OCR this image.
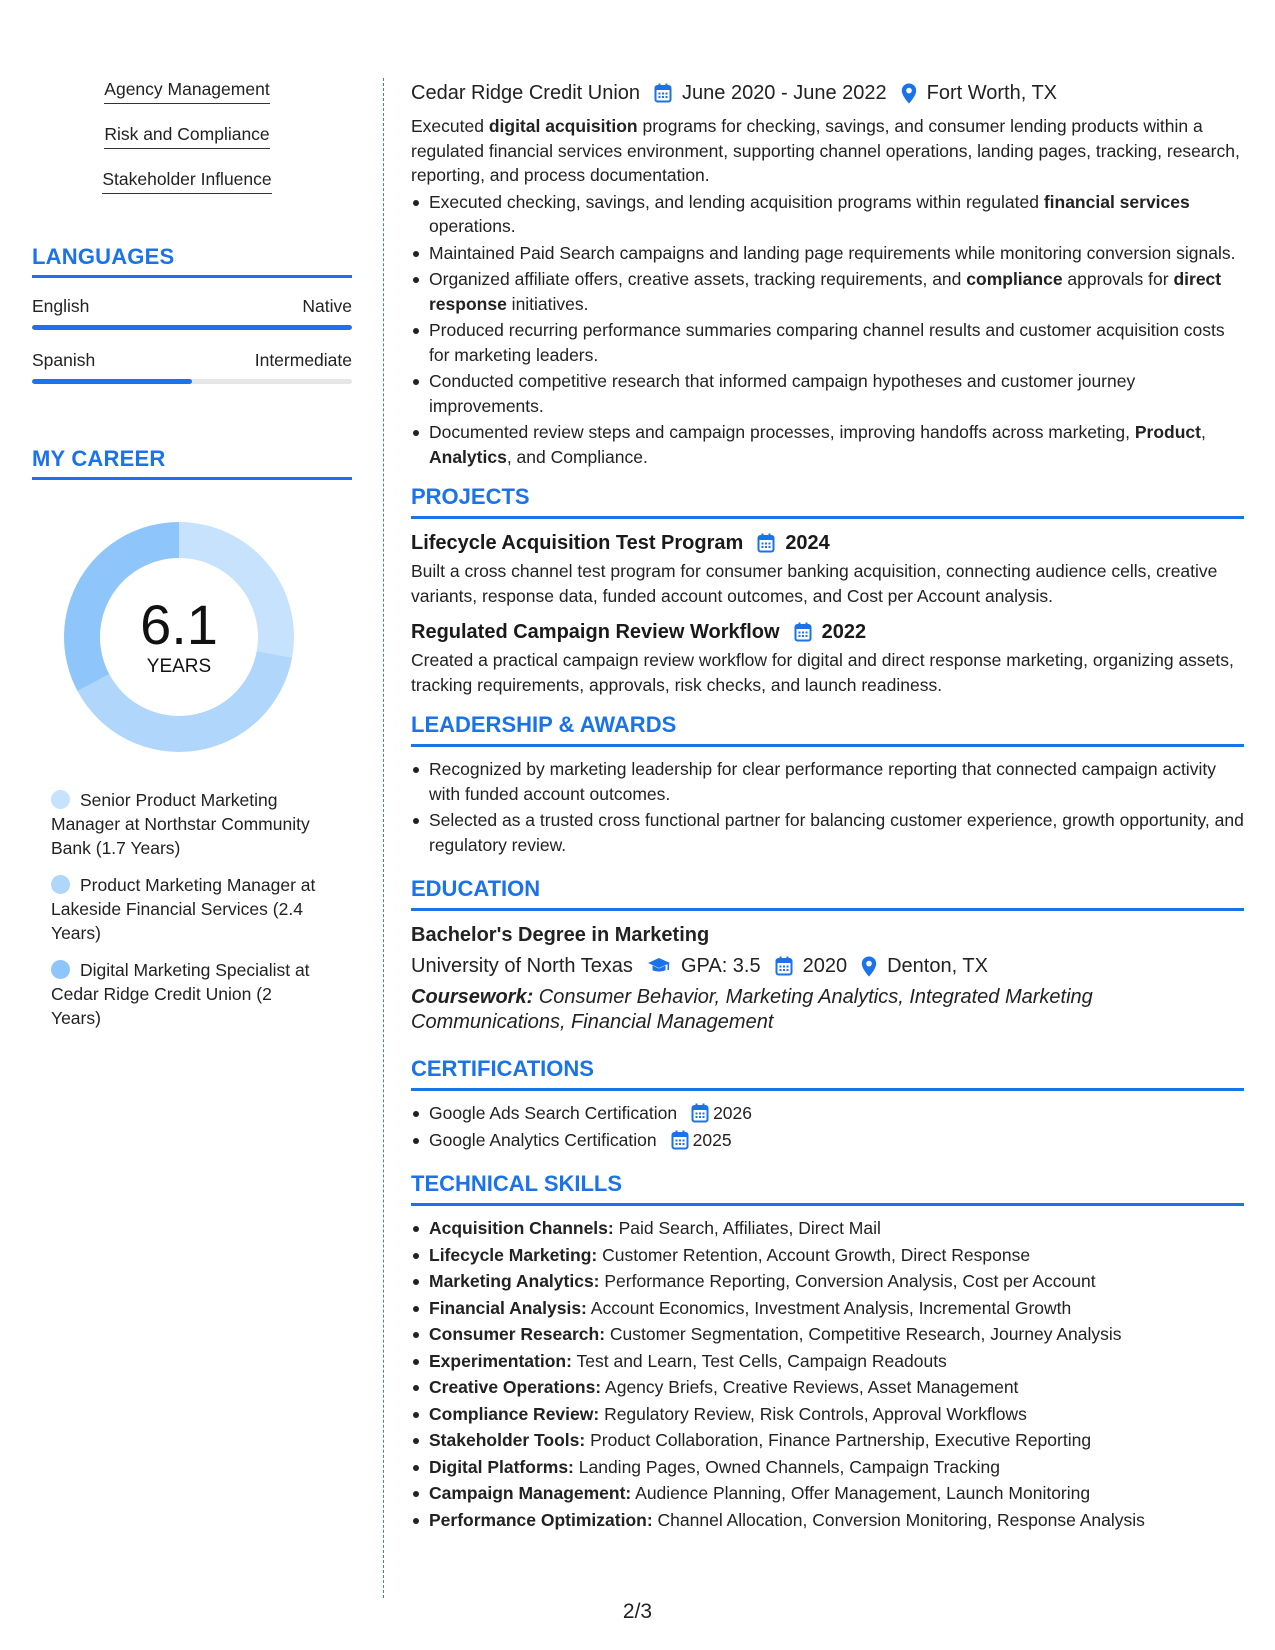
Agency Management
Risk and Compliance
Stakeholder Influence
LANGUAGES
English	Native
Spanish	Intermediate
MY CAREER
6.1
YEARS
Senior Product Marketing Manager at Northstar Community Bank (1.7 Years)
Product Marketing Manager at Lakeside Financial Services (2.4 Years)
Digital Marketing Specialist at Cedar Ridge Credit Union (2 Years)
Cedar Ridge Credit Union June 2020 - June 2022 Fort Worth, TX

Executed digital acquisition programs for checking, savings, and consumer lending products within a regulated financial services environment, supporting channel operations, landing pages, tracking, research, reporting, and process documentation.

Executed checking, savings, and lending acquisition programs within regulated financial services operations.
Maintained Paid Search campaigns and landing page requirements while monitoring conversion signals.
Organized affiliate offers, creative assets, tracking requirements, and compliance approvals for direct response initiatives.
Produced recurring performance summaries comparing channel results and customer acquisition costs for marketing leaders.
Conducted competitive research that informed campaign hypotheses and customer journey improvements.
Documented review steps and campaign processes, improving handoffs across marketing, Product, Analytics, and Compliance.
PROJECTS
Lifecycle Acquisition Test Program 2024

Built a cross channel test program for consumer banking acquisition, connecting audience cells, creative variants, response data, funded account outcomes, and Cost per Account analysis.

Regulated Campaign Review Workflow 2022

Created a practical campaign review workflow for digital and direct response marketing, organizing assets, tracking requirements, approvals, risk checks, and launch readiness.

LEADERSHIP & AWARDS
Recognized by marketing leadership for clear performance reporting that connected campaign activity with funded account outcomes.
Selected as a trusted cross functional partner for balancing customer experience, growth opportunity, and regulatory review.
EDUCATION
Bachelor's Degree in Marketing
University of North Texas GPA: 3.5 2020 Denton, TX

Coursework: Consumer Behavior, Marketing Analytics, Integrated Marketing Communications, Financial Management

CERTIFICATIONS
Google Ads Search Certification 2026
Google Analytics Certification 2025
TECHNICAL SKILLS
Acquisition Channels: Paid Search, Affiliates, Direct Mail
Lifecycle Marketing: Customer Retention, Account Growth, Direct Response
Marketing Analytics: Performance Reporting, Conversion Analysis, Cost per Account
Financial Analysis: Account Economics, Investment Analysis, Incremental Growth
Consumer Research: Customer Segmentation, Competitive Research, Journey Analysis
Experimentation: Test and Learn, Test Cells, Campaign Readouts
Creative Operations: Agency Briefs, Creative Reviews, Asset Management
Compliance Review: Regulatory Review, Risk Controls, Approval Workflows
Stakeholder Tools: Product Collaboration, Finance Partnership, Executive Reporting
Digital Platforms: Landing Pages, Owned Channels, Campaign Tracking
Campaign Management: Audience Planning, Offer Management, Launch Monitoring
Performance Optimization: Channel Allocation, Conversion Monitoring, Response Analysis
2/3
